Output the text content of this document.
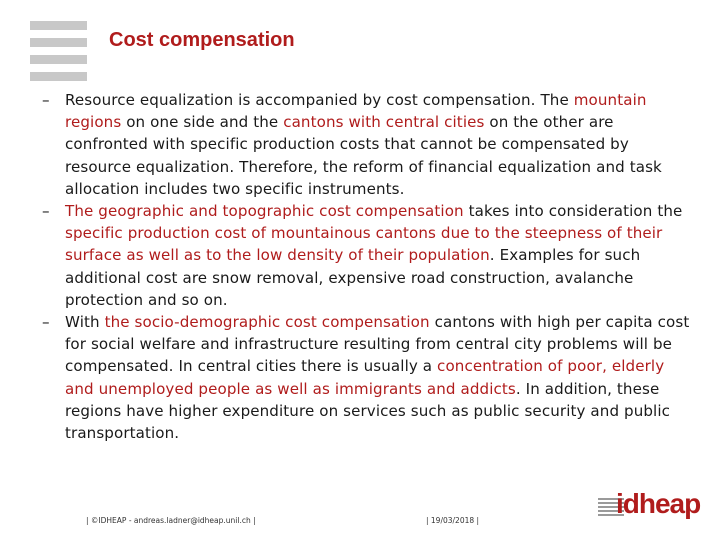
Cost compensation

– Resource equalization is accompanied by cost compensation. The mountain regions on one side and the cantons with central cities on the other are confronted with specific production costs that cannot be compensated by resource equalization. Therefore, the reform of financial equalization and task allocation includes two specific instruments.

– The geographic and topographic cost compensation takes into consideration the specific production cost of mountainous cantons due to the steepness of their surface as well as to the low density of their population. Examples for such additional cost are snow removal, expensive road construction, avalanche protection and so on.

– With the socio-demographic cost compensation cantons with high per capita cost for social welfare and infrastructure resulting from central city problems will be compensated. In central cities there is usually a concentration of poor, elderly and unemployed people as well as immigrants and addicts. In addition, these regions have higher expenditure on services such as public security and public transportation.

| ©IDHEAP - andreas.ladner@idheap.unil.ch |	| 19/03/2018 |
idheap
